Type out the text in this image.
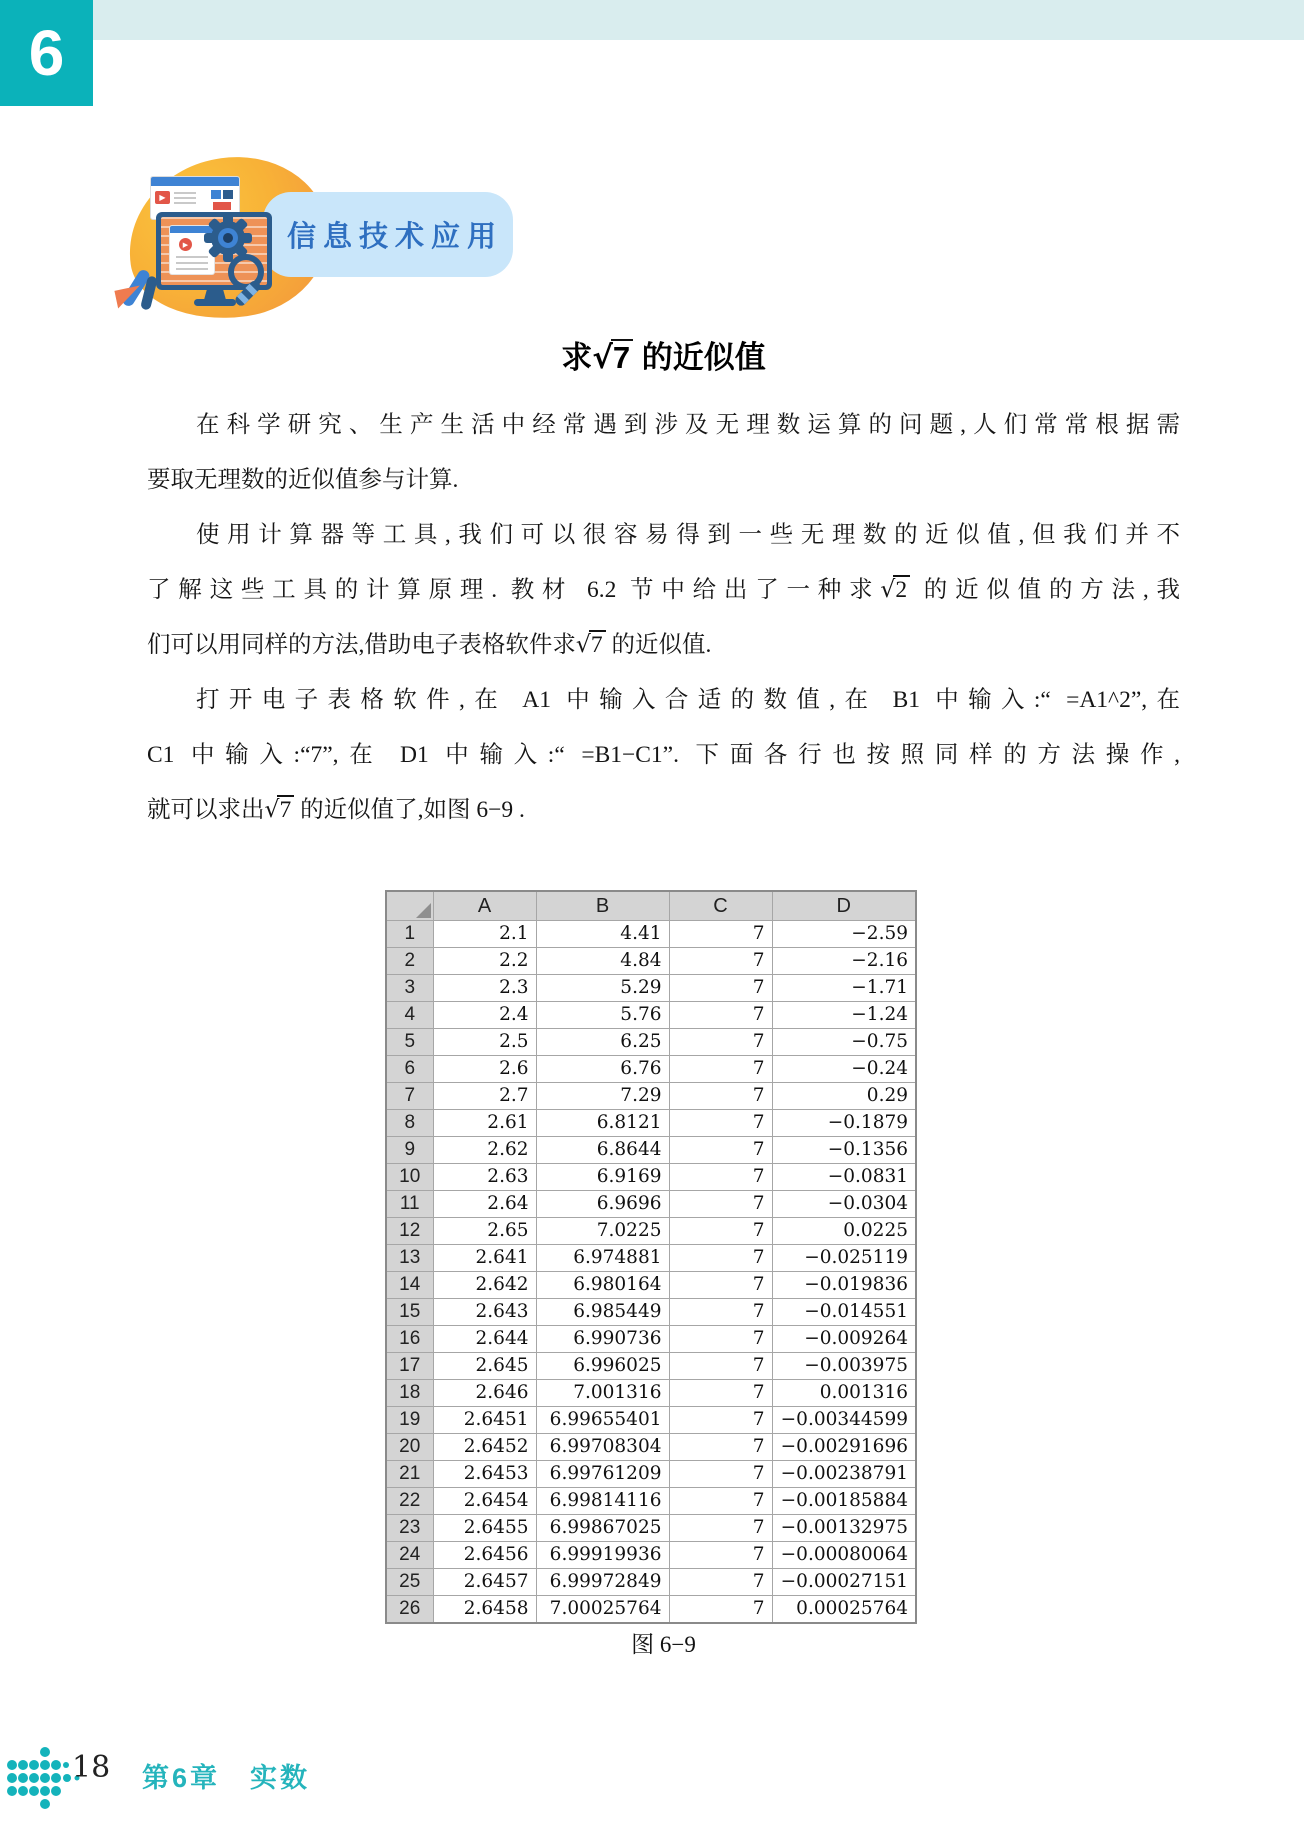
6
信息技术应用
▶
▶
求√7 的近似值
在科学研究、生产生活中经常遇到涉及无理数运算的问题,人们常常根据需
要取无理数的近似值参与计算.
使用计算器等工具,我们可以很容易得到一些无理数的近似值,但我们并不
了解这些工具的计算原理. 教材 6.2 节中给出了一种求√2 的近似值的方法,我
们可以用同样的方法,借助电子表格软件求√7 的近似值.
打开电子表格软件,在 A1 中输入合适的数值,在 B1 中输入:“ =A1^2”,在
C1 中输入:“7”,在 D1 中输入:“ =B1−C1”. 下面各行也按照同样的方法操作,
就可以求出√7 的近似值了,如图 6−9 .
	A	B	C	D
1	2.1	4.41	7	−2.59
2	2.2	4.84	7	−2.16
3	2.3	5.29	7	−1.71
4	2.4	5.76	7	−1.24
5	2.5	6.25	7	−0.75
6	2.6	6.76	7	−0.24
7	2.7	7.29	7	0.29
8	2.61	6.8121	7	−0.1879
9	2.62	6.8644	7	−0.1356
10	2.63	6.9169	7	−0.0831
11	2.64	6.9696	7	−0.0304
12	2.65	7.0225	7	0.0225
13	2.641	6.974881	7	−0.025119
14	2.642	6.980164	7	−0.019836
15	2.643	6.985449	7	−0.014551
16	2.644	6.990736	7	−0.009264
17	2.645	6.996025	7	−0.003975
18	2.646	7.001316	7	0.001316
19	2.6451	6.99655401	7	−0.00344599
20	2.6452	6.99708304	7	−0.00291696
21	2.6453	6.99761209	7	−0.00238791
22	2.6454	6.99814116	7	−0.00185884
23	2.6455	6.99867025	7	−0.00132975
24	2.6456	6.99919936	7	−0.00080064
25	2.6457	6.99972849	7	−0.00027151
26	2.6458	7.00025764	7	0.00025764
图 6−9
18 第6章　实数
